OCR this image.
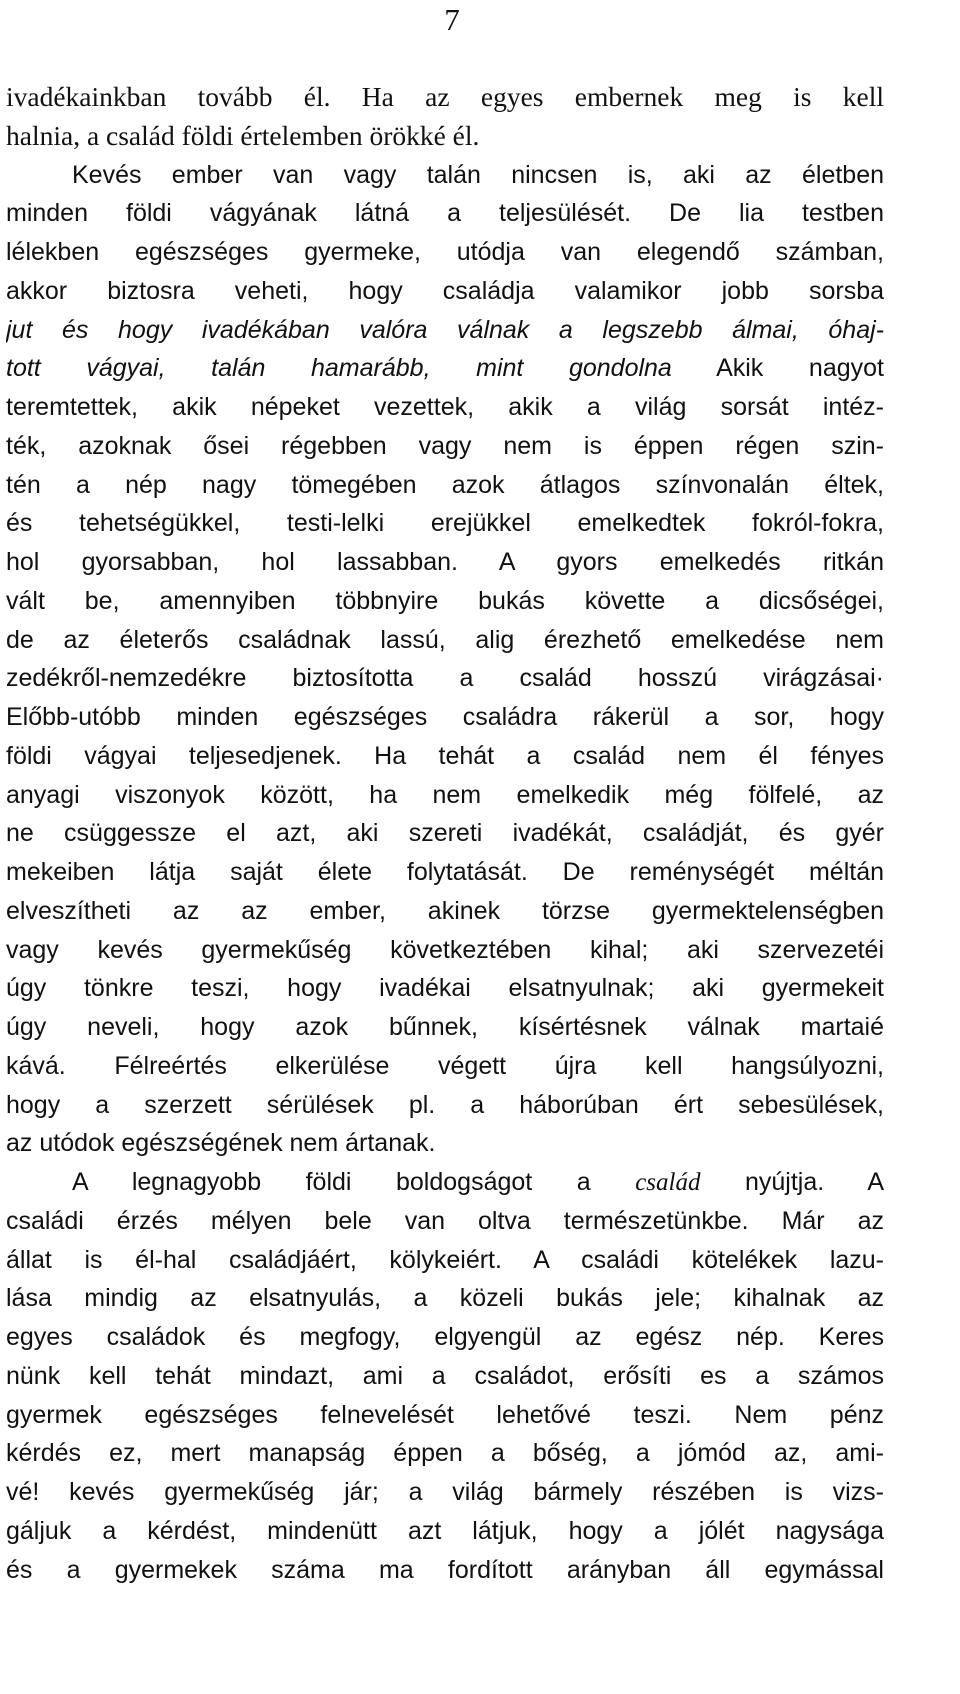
7
ivadékainkban tovább él. Ha az egyes embernek meg is kell
halnia, a család földi értelemben örökké él.
Kevés ember van vagy talán nincsen is, aki az életben
minden földi vágyának látná a teljesülését. De lia testben
lélekben egészséges gyermeke, utódja van elegendő számban,
akkor biztosra veheti, hogy családja valamikor jobb sorsba
jut és hogy ivadékában valóra válnak a legszebb álmai, óhaj-
tott vágyai, talán hamarább, mint gondolna Akik nagyot
teremtettek, akik népeket vezettek, akik a világ sorsát intéz-
ték, azoknak ősei régebben vagy nem is éppen régen szin-
tén a nép nagy tömegében azok átlagos színvonalán éltek,
és tehetségükkel, testi-lelki erejükkel emelkedtek fokról-fokra,
hol gyorsabban, hol lassabban. A gyors emelkedés ritkán
vált be, amennyiben többnyire bukás követte a dicsőségei,
de az életerős családnak lassú, alig érezhető emelkedése nem
zedékről-nemzedékre biztosította a család hosszú virágzásai·
Előbb-utóbb minden egészséges családra rákerül a sor, hogy
földi vágyai teljesedjenek. Ha tehát a család nem él fényes
anyagi viszonyok között, ha nem emelkedik még fölfelé, az
ne csüggessze el azt, aki szereti ivadékát, családját, és gyér
mekeiben látja saját élete folytatását. De reménységét méltán
elveszítheti az az ember, akinek törzse gyermektelenségben
vagy kevés gyermekűség következtében kihal; aki szervezetéi
úgy tönkre teszi, hogy ivadékai elsatnyulnak; aki gyermekeit
úgy neveli, hogy azok bűnnek, kísértésnek válnak martaié
kává. Félreértés elkerülése végett újra kell hangsúlyozni,
hogy a szerzett sérülések pl. a háborúban ért sebesülések,
az utódok egészségének nem ártanak.
A legnagyobb földi boldogságot a család nyújtja. A
családi érzés mélyen bele van oltva természetünkbe. Már az
állat is él-hal családjáért, kölykeiért. A családi kötelékek lazu-
lása mindig az elsatnyulás, a közeli bukás jele; kihalnak az
egyes családok és megfogy, elgyengül az egész nép. Keres
nünk kell tehát mindazt, ami a családot, erősíti es a számos
gyermek egészséges felnevelését lehetővé teszi. Nem pénz
kérdés ez, mert manapság éppen a bőség, a jómód az, ami-
vé! kevés gyermekűség jár; a világ bármely részében is vizs-
gáljuk a kérdést, mindenütt azt látjuk, hogy a jólét nagysága
és a gyermekek száma ma fordított arányban áll egymással
